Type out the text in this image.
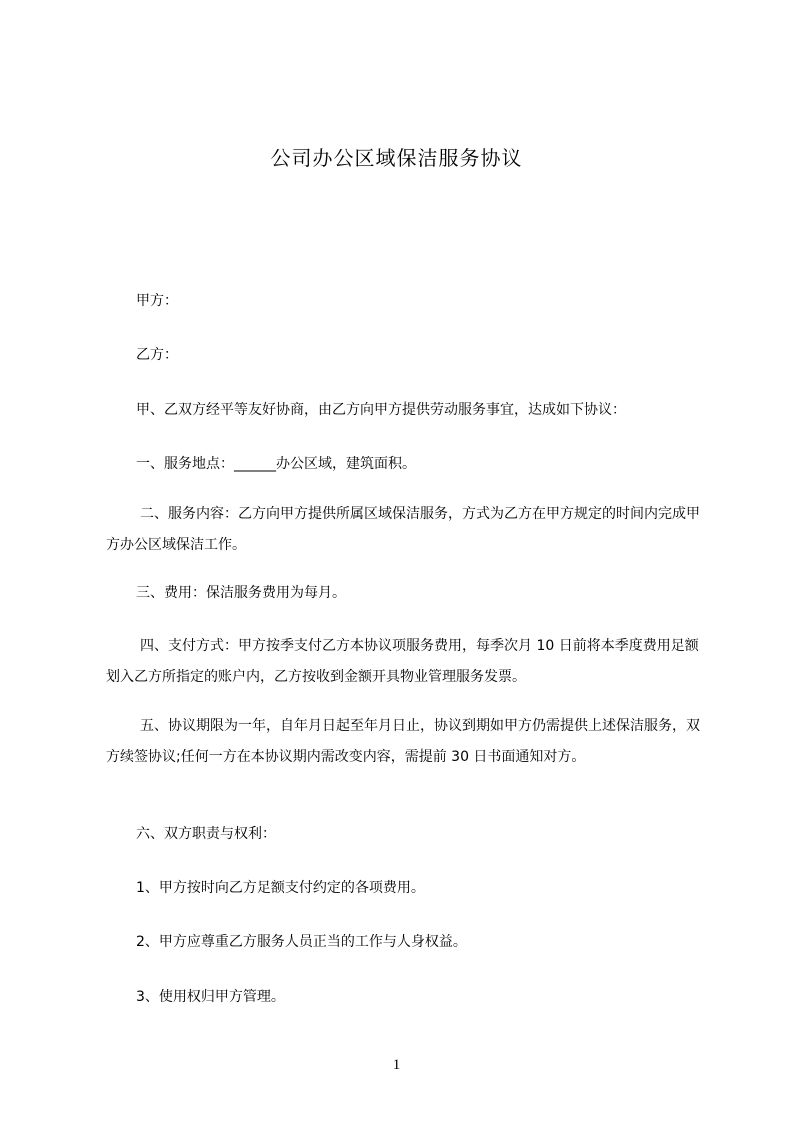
公司办公区域保洁服务协议
甲方：
乙方：
甲、乙双方经平等友好协商，由乙方向甲方提供劳动服务事宜，达成如下协议：
一、服务地点：______办公区域，建筑面积。
二、服务内容：乙方向甲方提供所属区域保洁服务，方式为乙方在甲方规定的时间内完成甲方办公区域保洁工作。
三、费用：保洁服务费用为每月。
四、支付方式：甲方按季支付乙方本协议项服务费用，每季次月 10 日前将本季度费用足额划入乙方所指定的账户内，乙方按收到金额开具物业管理服务发票。
五、协议期限为一年，自年月日起至年月日止，协议到期如甲方仍需提供上述保洁服务，双方续签协议;任何一方在本协议期内需改变内容，需提前 30 日书面通知对方。
六、双方职责与权利：
1、甲方按时向乙方足额支付约定的各项费用。
2、甲方应尊重乙方服务人员正当的工作与人身权益。
3、使用权归甲方管理。
1
